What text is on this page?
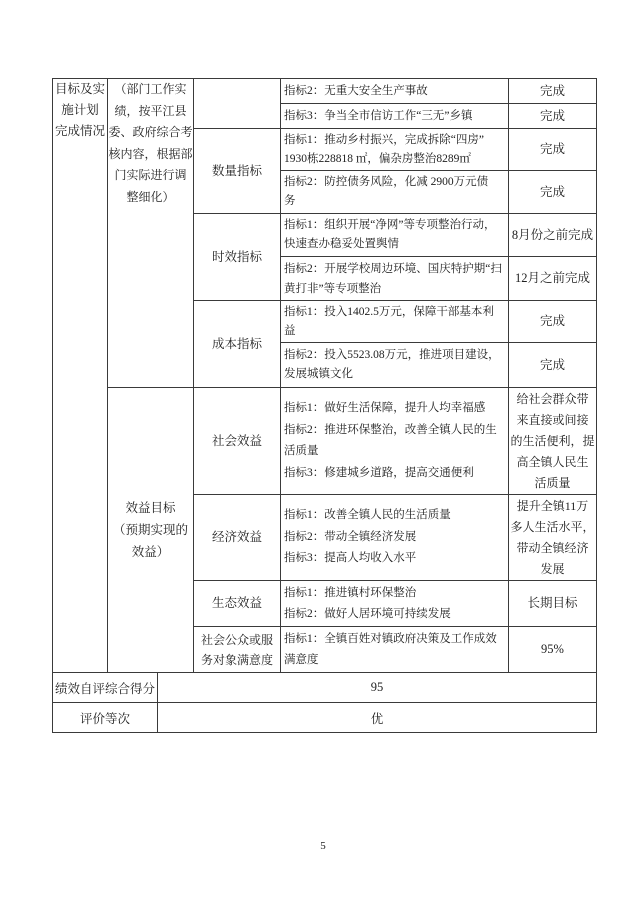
目标及实
施计划
完成情况
（部门工作实
绩，按平江县
委、政府综合考
核内容，根据部
门实际进行调
整细化）
效益目标
（预期实现的
效益）
数量指标
时效指标
成本指标
社会效益
经济效益
生态效益
社会公众或服
务对象满意度
指标2：无重大安全生产事故
指标3：争当全市信访工作“三无”乡镇
指标1：推动乡村振兴，完成拆除“四房”
1930栋228818 ㎡，偏杂房整治8289㎡
指标2：防控债务风险，化减 2900万元债
务
指标1：组织开展“净网”等专项整治行动，
快速查办稳妥处置舆情
指标2：开展学校周边环境、国庆特护期“扫
黄打非”等专项整治
指标1：投入1402.5万元，保障干部基本利
益
指标2：投入5523.08万元，推进项目建设，
发展城镇文化
指标1：做好生活保障，提升人均幸福感
指标2：推进环保整治，改善全镇人民的生
活质量
指标3：修建城乡道路，提高交通便利
指标1：改善全镇人民的生活质量
指标2：带动全镇经济发展
指标3：提高人均收入水平
指标1：推进镇村环保整治
指标2：做好人居环境可持续发展
指标1：全镇百姓对镇政府决策及工作成效
满意度
完成
完成
完成
完成
8月份之前完成
12月之前完成
完成
完成
给社会群众带
来直接或间接
的生活便利，提
高全镇人民生
活质量
提升全镇11万
多人生活水平，
带动全镇经济
发展
长期目标
95%
绩效自评综合得分	95
评价等次	优
5
